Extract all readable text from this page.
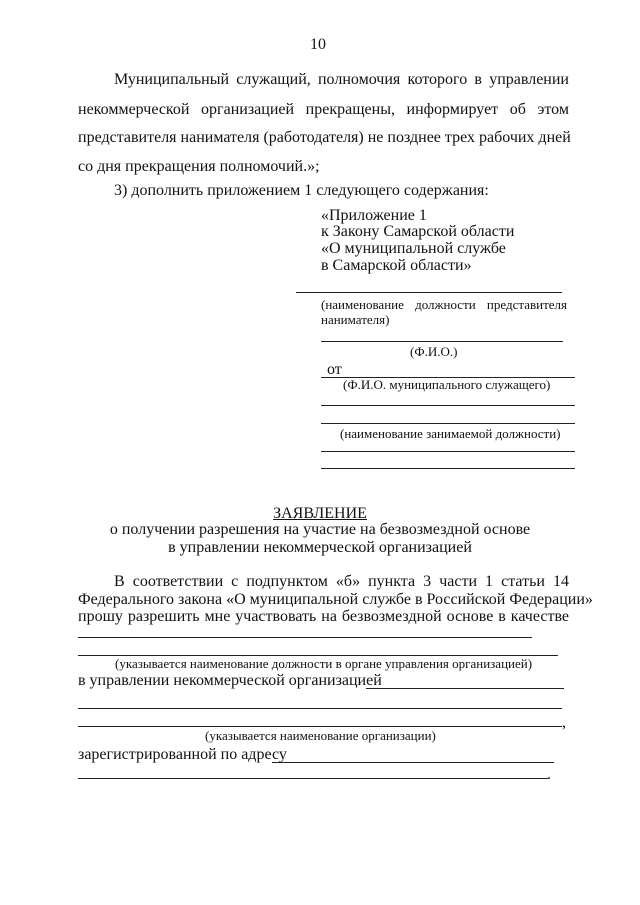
10
Муниципальный служащий, полномочия которого в управлении
некоммерческой организацией прекращены, информирует об этом
представителя нанимателя (работодателя) не позднее трех рабочих дней
со дня прекращения полномочий.»;
3) дополнить приложением 1 следующего содержания:
«Приложение 1
к Закону Самарской области
«О муниципальной службе
в Самарской области»
(наименование должности представителя
нанимателя)
(Ф.И.О.)
от
(Ф.И.О. муниципального служащего)
(наименование занимаемой должности)
ЗАЯВЛЕНИЕ
о получении разрешения на участие на безвозмездной основе
в управлении некоммерческой организацией
В соответствии с подпунктом «б» пункта 3 части 1 статьи 14
Федерального закона «О муниципальной службе в Российской Федерации»
прошу разрешить мне участвовать на безвозмездной основе в качестве
(указывается наименование должности в органе управления организацией)
в управлении некоммерческой организацией
,
(указывается наименование организации)
зарегистрированной по адресу
.
